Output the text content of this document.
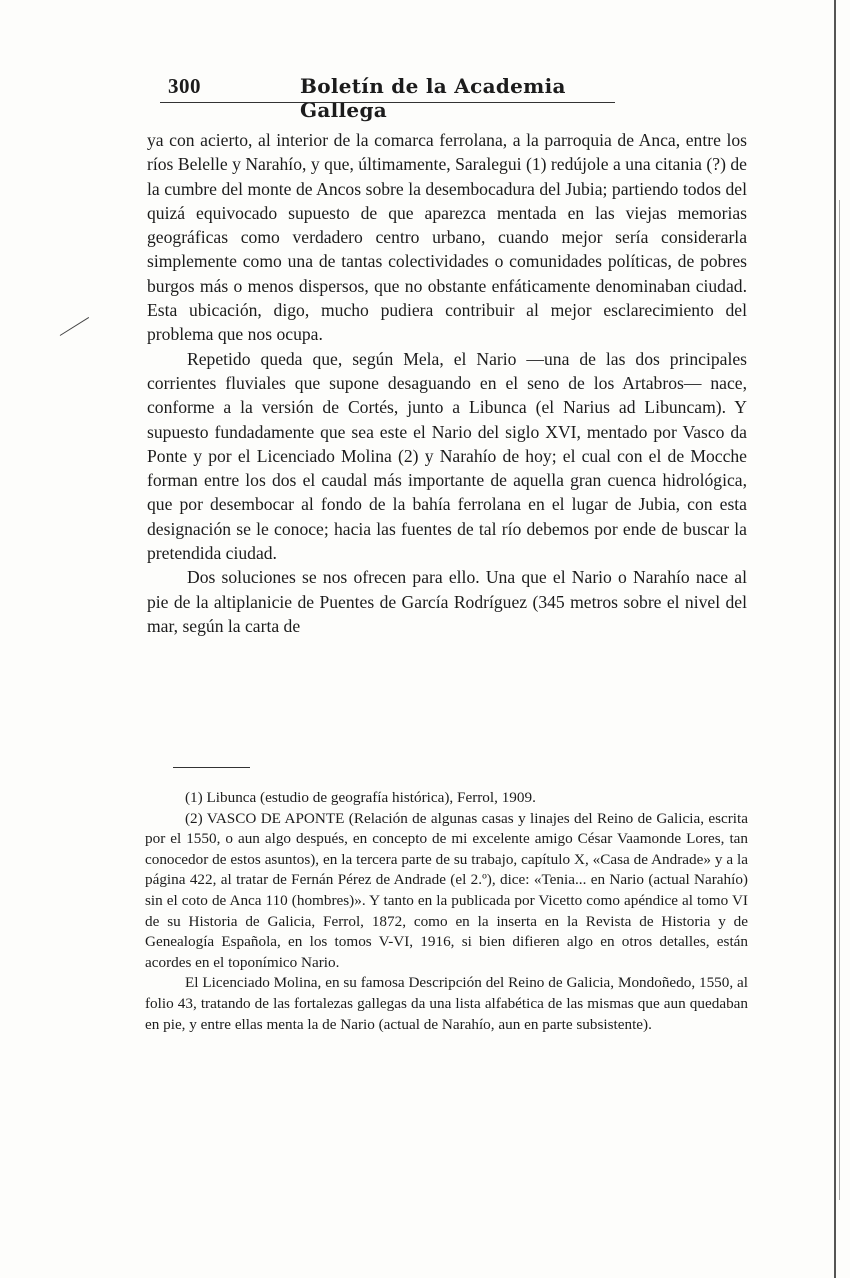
300	Boletín de la Academia Gallega

ya con acierto, al interior de la comarca ferrolana, a la parroquia de Anca, entre los ríos Belelle y Narahío, y que, últimamente, Saralegui (1) redújole a una citania (?) de la cumbre del monte de Ancos sobre la desembocadura del Jubia; partiendo todos del quizá equivocado supuesto de que aparezca mentada en las viejas memorias geográficas como verdadero centro urbano, cuando mejor sería considerarla simplemente como una de tantas colectividades o comunidades políticas, de pobres burgos más o menos dispersos, que no obstante enfáticamente denominaban ciudad. Esta ubicación, digo, mucho pudiera contribuir al mejor esclarecimiento del problema que nos ocupa.

Repetido queda que, según Mela, el Nario —una de las dos principales corrientes fluviales que supone desaguando en el seno de los Artabros— nace, conforme a la versión de Cortés, junto a Libunca (el Narius ad Libuncam). Y supuesto fundadamente que sea este el Nario del siglo XVI, mentado por Vasco da Ponte y por el Licenciado Molina (2) y Narahío de hoy; el cual con el de Mocche forman entre los dos el caudal más importante de aquella gran cuenca hidrológica, que por desembocar al fondo de la bahía ferrolana en el lugar de Jubia, con esta designación se le conoce; hacia las fuentes de tal río debemos por ende de buscar la pretendida ciudad.

Dos soluciones se nos ofrecen para ello. Una que el Nario o Narahío nace al pie de la altiplanicie de Puentes de García Rodríguez (345 metros sobre el nivel del mar, según la carta de

(1) Libunca (estudio de geografía histórica), Ferrol, 1909.

(2) VASCO DE APONTE (Relación de algunas casas y linajes del Reino de Galicia, escrita por el 1550, o aun algo después, en concepto de mi excelente amigo César Vaamonde Lores, tan conocedor de estos asuntos), en la tercera parte de su trabajo, capítulo X, «Casa de Andrade» y a la página 422, al tratar de Fernán Pérez de Andrade (el 2.º), dice: «Tenia... en Nario (actual Narahío) sin el coto de Anca 110 (hombres)». Y tanto en la publicada por Vicetto como apéndice al tomo VI de su Historia de Galicia, Ferrol, 1872, como en la inserta en la Revista de Historia y de Genealogía Española, en los tomos V-VI, 1916, si bien difieren algo en otros detalles, están acordes en el toponímico Nario.

El Licenciado Molina, en su famosa Descripción del Reino de Galicia, Mondoñedo, 1550, al folio 43, tratando de las fortalezas gallegas da una lista alfabética de las mismas que aun quedaban en pie, y entre ellas menta la de Nario (actual de Narahío, aun en parte subsistente).
